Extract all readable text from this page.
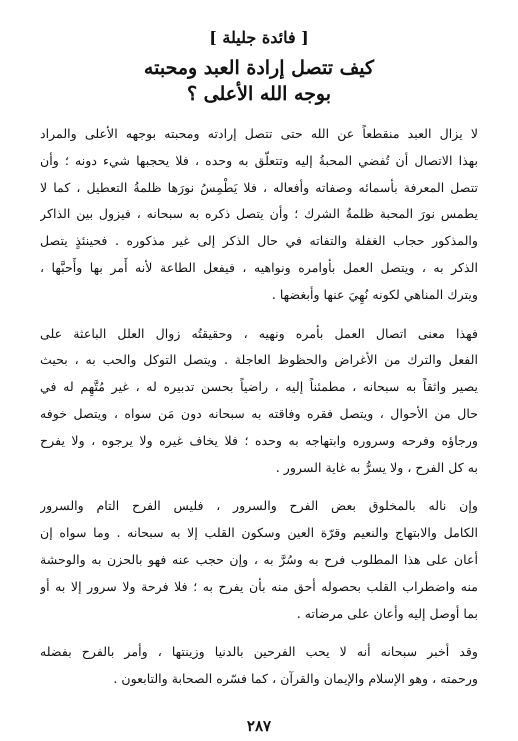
[ فائدة جليلة ]
كيف تتصل إرادة العبد ومحبته
بوجه الله الأعلى ؟
لا يزال العبد منقطعاً عن الله حتى تتصل إرادته ومحبته بوجهه الأعلى والمراد
بهذا الاتصال أن تُفضي المحبةُ إليه وتتعلّق به وحده ، فلا يحجبها شيء دونه ؛ وأن
تتصل المعرفة بأسمائه وصفاته وأفعاله ، فلا يَطْمِسُ نورَها ظلمةُ التعطيل ، كما لا
يطمس نورَ المحبة ظلمةُ الشرك ؛ وأن يتصل ذكره به سبحانه ، فيزول بين الذاكر
والمذكور حجاب الغفلة والتفاته في حال الذكر إلى غير مذكوره . فحينئذٍ يتصل
الذكر به ، ويتصل العمل بأوامره ونواهيه ، فيفعل الطاعة لأنه أَمر بها وأَحبَّها ،
ويترك المناهي لكونه نُهِيَ عنها وأبغضها .
فهذا معنى اتصال العمل بأمره ونهيه ، وحقيقتُه زوال العلل الباعثة على
الفعل والترك من الأغراض والحظوظ العاجلة . ويتصل التوكل والحب به ، بحيث
يصير واثقاً به سبحانه ، مطمئناً إليه ، راضياً بحسن تدبيره له ، غير مُتَّهِم له في
حال من الأحوال ، ويتصل فقره وفاقته به سبحانه دون مَن سواه ، ويتصل خوفه
ورجاؤه وفرحه وسروره وابتهاجه به وحده ؛ فلا يخاف غيره ولا يرجوه ، ولا يفرح
به كل الفرح ، ولا يسرُّ به غاية السرور .
وإن ناله بالمخلوق بعض الفرح والسرور ، فليس الفرح التام والسرور
الكامل والابتهاج والنعيم وقرّة العين وسكون القلب إلا به سبحانه . وما سواه إن
أعان على هذا المطلوب فرح به وسُرَّ به ، وإن حجب عنه فهو بالحزن به والوحشة
منه واضطراب القلب بحصوله أحق منه بأن يفرح به ؛ فلا فرحة ولا سرور إلا به أو
بما أوصل إليه وأعان على مرضاته .
وقد أخبر سبحانه أنه لا يحب الفرحين بالدنيا وزينتها ، وأمر بالفرح بفضله
ورحمته ، وهو الإسلام والإيمان والقرآن ، كما فسّره الصحابة والتابعون .
٢٨٧
